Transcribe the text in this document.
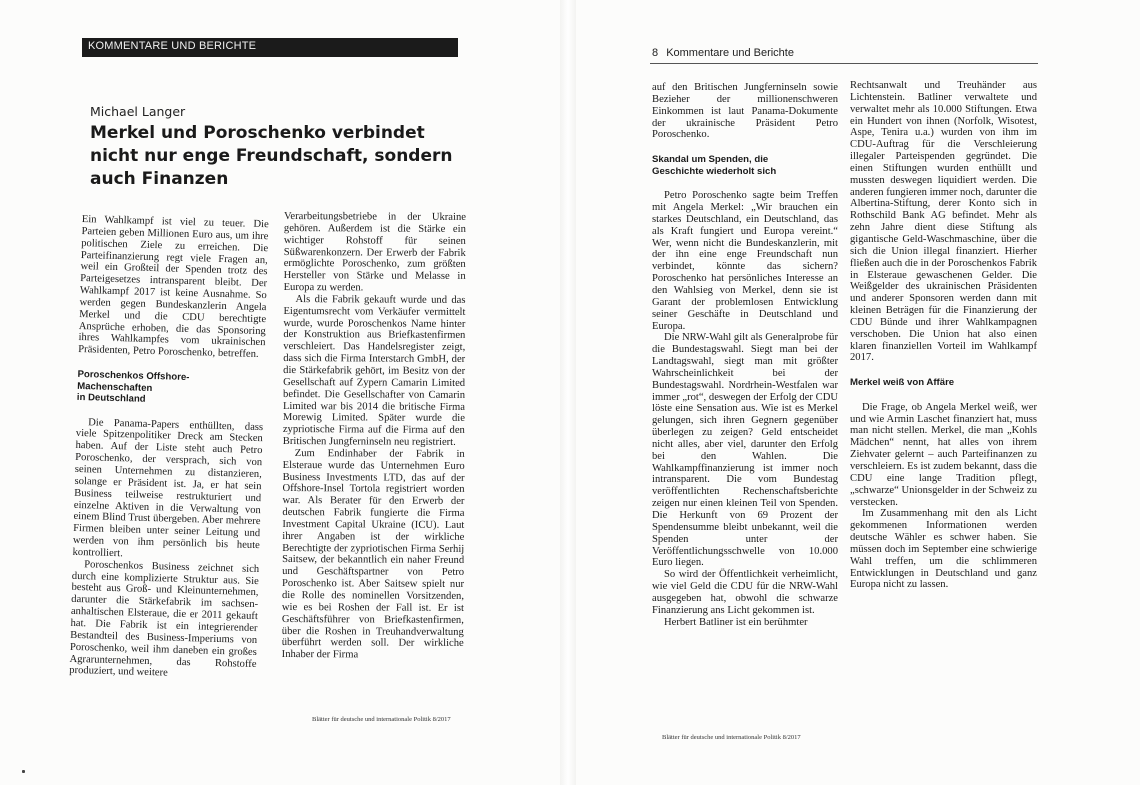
KOMMENTARE UND BERICHTE
Michael Langer
Merkel und Poroschenko verbindet
nicht nur enge Freundschaft, sondern
auch Finanzen

Ein Wahlkampf ist viel zu teuer. Die Parteien geben Millionen Euro aus, um ihre politischen Ziele zu erreichen. Die Parteifinanzierung regt viele Fragen an, weil ein Großteil der Spenden trotz des Parteigesetzes intransparent bleibt. Der Wahlkampf 2017 ist keine Ausnahme. So werden gegen Bundeskanzlerin Angela Merkel und die CDU berechtigte Ansprüche erhoben, die das Sponsoring ihres Wahlkampfes vom ukrainischen Präsidenten, Petro Poroschenko, betreffen.

Poroschenkos Offshore-Machenschaften
in Deutschland

Die Panama-Papers enthüllten, dass viele Spitzenpolitiker Dreck am Stecken haben. Auf der Liste steht auch Petro Poroschenko, der versprach, sich von seinen Unternehmen zu distanzieren, solange er Präsident ist. Ja, er hat sein Business teilweise restrukturiert und einzelne Aktiven in die Verwaltung von einem Blind Trust übergeben. Aber mehrere Firmen bleiben unter seiner Leitung und werden von ihm persönlich bis heute kontrolliert.

Poroschenkos Business zeichnet sich durch eine komplizierte Struktur aus. Sie besteht aus Groß- und Kleinunternehmen, darunter die Stärkefabrik im sachsen-anhaltischen Elsteraue, die er 2011 gekauft hat. Die Fabrik ist ein integrierender Bestandteil des Business-Imperiums von Poroschenko, weil ihm daneben ein großes Agrarunternehmen, das Rohstoffe produziert, und weitere

Verarbeitungsbetriebe in der Ukraine gehören. Außerdem ist die Stärke ein wichtiger Rohstoff für seinen Süßwarenkonzern. Der Erwerb der Fabrik ermöglichte Poroschenko, zum größten Hersteller von Stärke und Melasse in Europa zu werden.

Als die Fabrik gekauft wurde und das Eigentumsrecht vom Verkäufer vermittelt wurde, wurde Poroschenkos Name hinter der Konstruktion aus Briefkastenfirmen verschleiert. Das Handelsregister zeigt, dass sich die Firma Interstarch GmbH, der die Stärkefabrik gehört, im Besitz von der Gesellschaft auf Zypern Camarin Limited befindet. Die Gesellschafter von Camarin Limited war bis 2014 die britische Firma Morewig Limited. Später wurde die zypriotische Firma auf die Firma auf den Britischen Jungferninseln neu registriert.

Zum Endinhaber der Fabrik in Elsteraue wurde das Unternehmen Euro Business Investments LTD, das auf der Offshore-Insel Tortola registriert worden war. Als Berater für den Erwerb der deutschen Fabrik fungierte die Firma Investment Capital Ukraine (ICU). Laut ihrer Angaben ist der wirkliche Berechtigte der zypriotischen Firma Serhij Saitsew, der bekanntlich ein naher Freund und Geschäftspartner von Petro Poroschenko ist. Aber Saitsew spielt nur die Rolle des nominellen Vorsitzenden, wie es bei Roshen der Fall ist. Er ist Geschäftsführer von Briefkastenfirmen, über die Roshen in Treuhandverwaltung überführt werden soll. Der wirkliche Inhaber der Firma

Blätter für deutsche und internationale Politik 8/2017
8 Kommentare und Berichte

auf den Britischen Jungferninseln sowie Bezieher der millionenschweren Einkommen ist laut Panama-Dokumente der ukrainische Präsident Petro Poroschenko.

Skandal um Spenden, die
Geschichte wiederholt sich

Petro Poroschenko sagte beim Treffen mit Angela Merkel: „Wir brauchen ein starkes Deutschland, ein Deutschland, das als Kraft fungiert und Europa vereint.“ Wer, wenn nicht die Bundeskanzlerin, mit der ihn eine enge Freundschaft nun verbindet, könnte das sichern? Poroschenko hat persönliches Interesse an den Wahlsieg von Merkel, denn sie ist Garant der problemlosen Entwicklung seiner Geschäfte in Deutschland und Europa.

Die NRW-Wahl gilt als Generalprobe für die Bundestagswahl. Siegt man bei der Landtagswahl, siegt man mit größter Wahrscheinlichkeit bei der Bundestagswahl. Nordrhein-Westfalen war immer „rot“, deswegen der Erfolg der CDU löste eine Sensation aus. Wie ist es Merkel gelungen, sich ihren Gegnern gegenüber überlegen zu zeigen? Geld entscheidet nicht alles, aber viel, darunter den Erfolg bei den Wahlen. Die Wahlkampffinanzierung ist immer noch intransparent. Die vom Bundestag veröffentlichten Rechenschaftsberichte zeigen nur einen kleinen Teil von Spenden. Die Herkunft von 69 Prozent der Spendensumme bleibt unbekannt, weil die Spenden unter der Veröffentlichungsschwelle von 10.000 Euro liegen.

So wird der Öffentlichkeit verheimlicht, wie viel Geld die CDU für die NRW-Wahl ausgegeben hat, obwohl die schwarze Finanzierung ans Licht gekommen ist.

Herbert Batliner ist ein berühmter

Rechtsanwalt und Treuhänder aus Lichtenstein. Batliner verwaltete und verwaltet mehr als 10.000 Stiftungen. Etwa ein Hundert von ihnen (Norfolk, Wisotest, Aspe, Tenira u.a.) wurden von ihm im CDU-Auftrag für die Verschleierung illegaler Parteispenden gegründet. Die einen Stiftungen wurden enthüllt und mussten deswegen liquidiert werden. Die anderen fungieren immer noch, darunter die Albertina-Stiftung, derer Konto sich in Rothschild Bank AG befindet. Mehr als zehn Jahre dient diese Stiftung als gigantische Geld-Waschmaschine, über die sich die Union illegal finanziert. Hierher fließen auch die in der Poroschenkos Fabrik in Elsteraue gewaschenen Gelder. Die Weißgelder des ukrainischen Präsidenten und anderer Sponsoren werden dann mit kleinen Beträgen für die Finanzierung der CDU Bünde und ihrer Wahlkampagnen verschoben. Die Union hat also einen klaren finanziellen Vorteil im Wahlkampf 2017.

Merkel weiß von Affäre

Die Frage, ob Angela Merkel weiß, wer und wie Armin Laschet finanziert hat, muss man nicht stellen. Merkel, die man „Kohls Mädchen“ nennt, hat alles von ihrem Ziehvater gelernt – auch Parteifinanzen zu verschleiern. Es ist zudem bekannt, dass die CDU eine lange Tradition pflegt, „schwarze“ Unionsgelder in der Schweiz zu verstecken.

Im Zusammenhang mit den als Licht gekommenen Informationen werden deutsche Wähler es schwer haben. Sie müssen doch im September eine schwierige Wahl treffen, um die schlimmeren Entwicklungen in Deutschland und ganz Europa nicht zu lassen.

Blätter für deutsche und internationale Politik 8/2017
